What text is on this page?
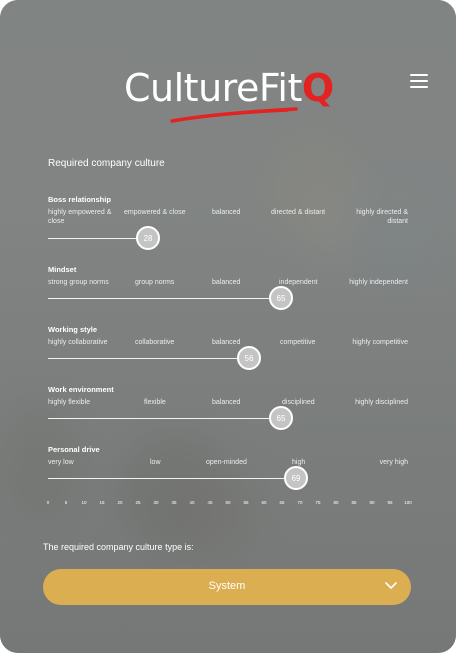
CultureFitQ
Required company culture
Boss relationship
highly empowered & close
empowered & close	balanced	directed & distant	highly directed & distant
28
Mindset
strong group norms	group norms	balanced	independent	highly independent
65
Working style
highly collaborative	collaborative	balanced	competitive	highly competitive
56
Work environment
highly flexible	flexible	balanced	disciplined	highly disciplined
65
Personal drive
very low	low	open-minded	high	very high
69
0	5	10	15	20	25	30	35	40	45	50	55	60	65	70	75	80	85	90	95	100
The required company culture type is:
System
